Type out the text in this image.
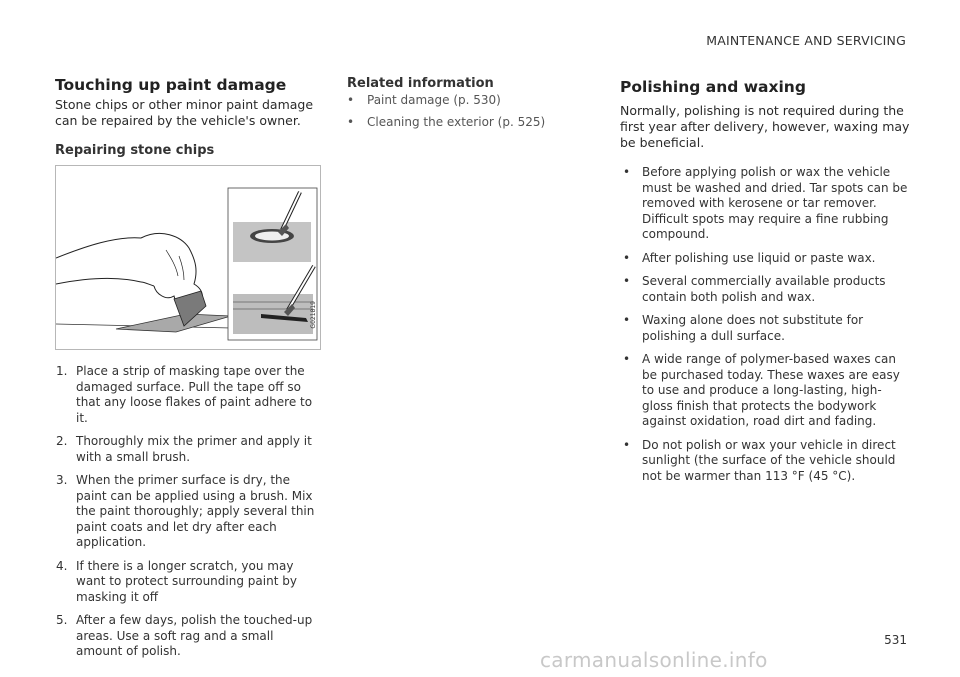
MAINTENANCE AND SERVICING
Touching up paint damage

Stone chips or other minor paint damage can be repaired by the vehicle's owner.

Repairing stone chips
G021819
1. Place a strip of masking tape over the damaged surface. Pull the tape off so that any loose flakes of paint adhere to it.
2. Thoroughly mix the primer and apply it with a small brush.
3. When the primer surface is dry, the paint can be applied using a brush. Mix the paint thoroughly; apply several thin paint coats and let dry after each application.
4. If there is a longer scratch, you may want to protect surrounding paint by masking it off
5. After a few days, polish the touched-up areas. Use a soft rag and a small amount of polish.
Related information
• Paint damage (p. 530)
• Cleaning the exterior (p. 525)
Polishing and waxing

Normally, polishing is not required during the first year after delivery, however, waxing may be beneficial.

• Before applying polish or wax the vehicle must be washed and dried. Tar spots can be removed with kerosene or tar remover. Difficult spots may require a fine rubbing compound.
• After polishing use liquid or paste wax.
• Several commercially available products contain both polish and wax.
• Waxing alone does not substitute for polishing a dull surface.
• A wide range of polymer-based waxes can be purchased today. These waxes are easy to use and produce a long-lasting, high-gloss finish that protects the bodywork against oxidation, road dirt and fading.
• Do not polish or wax your vehicle in direct sunlight (the surface of the vehicle should not be warmer than 113 °F (45 °C).
531
carmanualsonline.info
